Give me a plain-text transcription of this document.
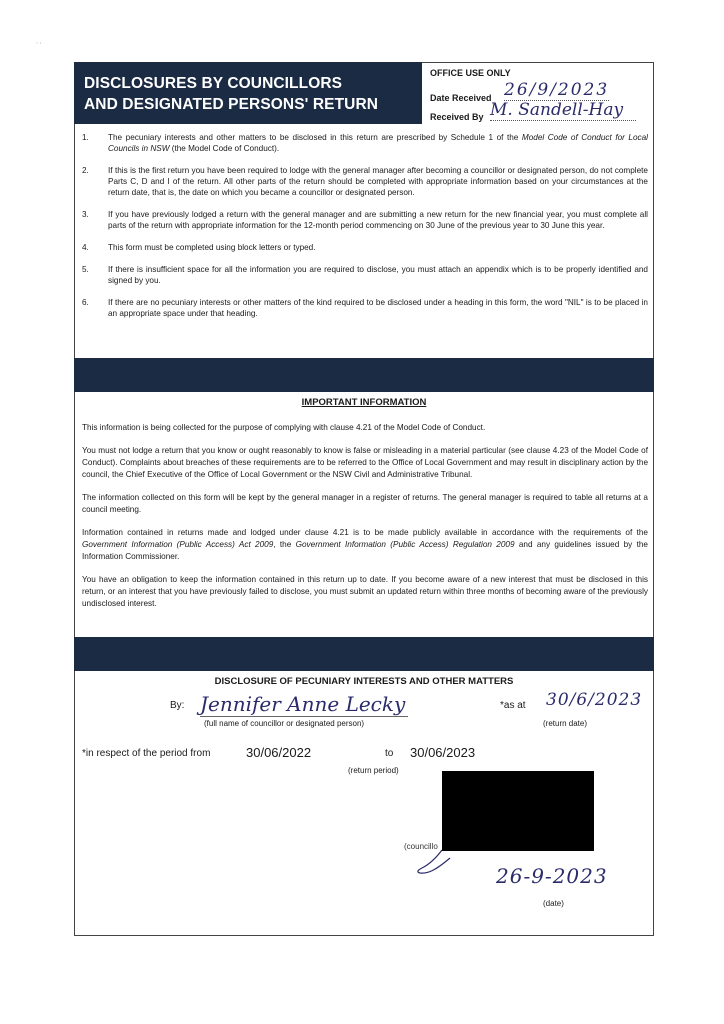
⋅ ⋅
DISCLOSURES BY COUNCILLORS
AND DESIGNATED PERSONS' RETURN
OFFICE USE ONLY
Date Received 26/9/2023
Received By M. Sandell-Hay
1. The pecuniary interests and other matters to be disclosed in this return are prescribed by Schedule 1 of the Model Code of Conduct for Local Councils in NSW (the Model Code of Conduct).
2. If this is the first return you have been required to lodge with the general manager after becoming a councillor or designated person, do not complete Parts C, D and I of the return. All other parts of the return should be completed with appropriate information based on your circumstances at the return date, that is, the date on which you became a councillor or designated person.
3. If you have previously lodged a return with the general manager and are submitting a new return for the new financial year, you must complete all parts of the return with appropriate information for the 12-month period commencing on 30 June of the previous year to 30 June this year.
4. This form must be completed using block letters or typed.
5. If there is insufficient space for all the information you are required to disclose, you must attach an appendix which is to be properly identified and signed by you.
6. If there are no pecuniary interests or other matters of the kind required to be disclosed under a heading in this form, the word "NIL" is to be placed in an appropriate space under that heading.
IMPORTANT INFORMATION

This information is being collected for the purpose of complying with clause 4.21 of the Model Code of Conduct.

You must not lodge a return that you know or ought reasonably to know is false or misleading in a material particular (see clause 4.23 of the Model Code of Conduct). Complaints about breaches of these requirements are to be referred to the Office of Local Government and may result in disciplinary action by the council, the Chief Executive of the Office of Local Government or the NSW Civil and Administrative Tribunal.

The information collected on this form will be kept by the general manager in a register of returns. The general manager is required to table all returns at a council meeting.

Information contained in returns made and lodged under clause 4.21 is to be made publicly available in accordance with the requirements of the Government Information (Public Access) Act 2009, the Government Information (Public Access) Regulation 2009 and any guidelines issued by the Information Commissioner.

You have an obligation to keep the information contained in this return up to date. If you become aware of a new interest that must be disclosed in this return, or an interest that you have previously failed to disclose, you must submit an updated return within three months of becoming aware of the previously undisclosed interest.

DISCLOSURE OF PECUNIARY INTERESTS AND OTHER MATTERS
By: Jennifer Anne Lecky
(full name of councillor or designated person)
*as at 30/6/2023
(return date)
*in respect of the period from	30/06/2022	to 30/06/2023
(return period)
(councillo
26-9-2023
(date)
